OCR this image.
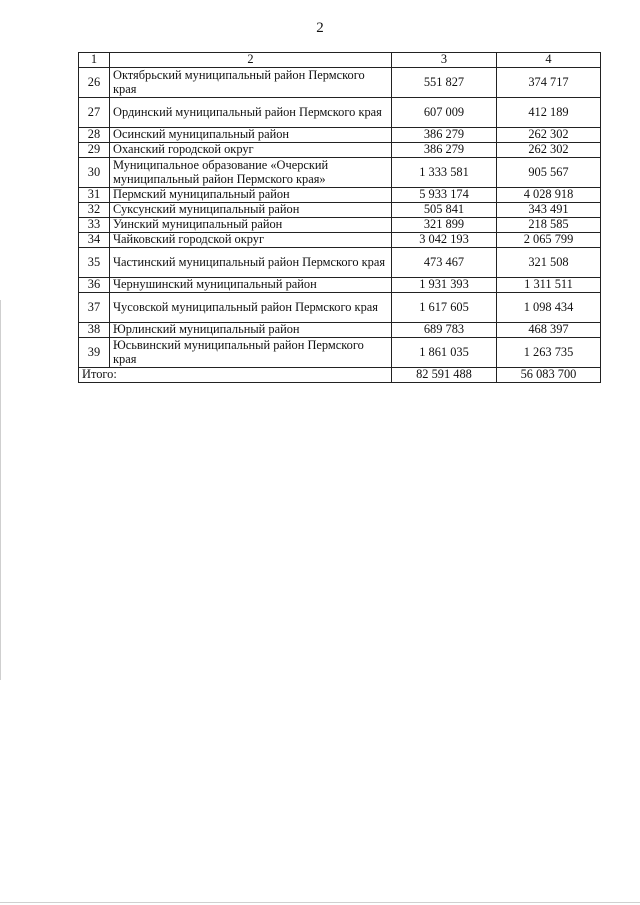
2
1	2	3	4
26	Октябрьский муниципальный район Пермского края	551 827	374 717
27	Ординский муниципальный район Пермского края	607 009	412 189
28	Осинский муниципальный район	386 279	262 302
29	Оханский городской округ	386 279	262 302
30	Муниципальное образование «Очерский муниципальный район Пермского края»	1 333 581	905 567
31	Пермский муниципальный район	5 933 174	4 028 918
32	Суксунский муниципальный район	505 841	343 491
33	Уинский муниципальный район	321 899	218 585
34	Чайковский городской округ	3 042 193	2 065 799
35	Частинский муниципальный район Пермского края	473 467	321 508
36	Чернушинский муниципальный район	1 931 393	1 311 511
37	Чусовской муниципальный район Пермского края	1 617 605	1 098 434
38	Юрлинский муниципальный район	689 783	468 397
39	Юсьвинский муниципальный район Пермского края	1 861 035	1 263 735
Итого:		82 591 488	56 083 700
